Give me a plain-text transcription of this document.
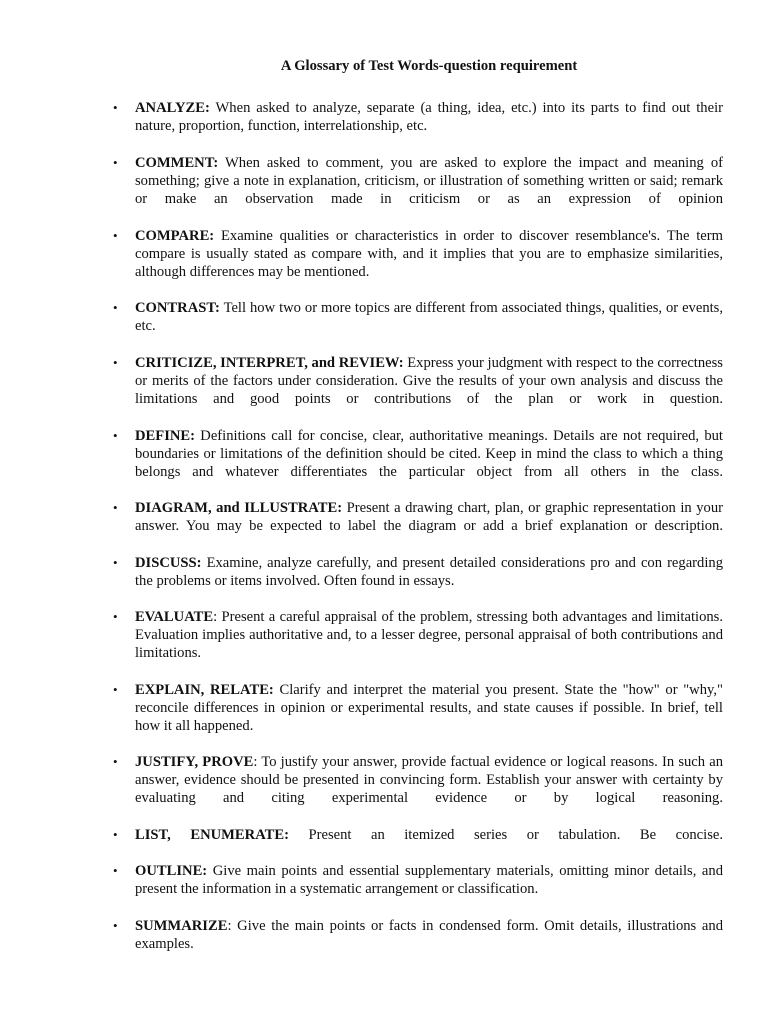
A Glossary of Test Words-question requirement
• ANALYZE: When asked to analyze, separate (a thing, idea, etc.) into its parts to find out their nature, proportion, function, interrelationship, etc.
• COMMENT: When asked to comment, you are asked to explore the impact and meaning of something; give a note in explanation, criticism, or illustration of something written or said; remark or make an observation made in criticism or as an expression of opinion
• COMPARE: Examine qualities or characteristics in order to discover resemblance's. The term compare is usually stated as compare with, and it implies that you are to emphasize similarities, although differences may be mentioned.
• CONTRAST: Tell how two or more topics are different from associated things, qualities, or events, etc.
• CRITICIZE, INTERPRET, and REVIEW: Express your judgment with respect to the correctness or merits of the factors under consideration. Give the results of your own analysis and discuss the limitations and good points or contributions of the plan or work in question.
• DEFINE: Definitions call for concise, clear, authoritative meanings. Details are not required, but boundaries or limitations of the definition should be cited. Keep in mind the class to which a thing belongs and whatever differentiates the particular object from all others in the class.
• DIAGRAM, and ILLUSTRATE: Present a drawing chart, plan, or graphic representation in your answer. You may be expected to label the diagram or add a brief explanation or description.
• DISCUSS: Examine, analyze carefully, and present detailed considerations pro and con regarding the problems or items involved. Often found in essays.
• EVALUATE: Present a careful appraisal of the problem, stressing both advantages and limitations. Evaluation implies authoritative and, to a lesser degree, personal appraisal of both contributions and limitations.
• EXPLAIN, RELATE: Clarify and interpret the material you present. State the "how" or "why," reconcile differences in opinion or experimental results, and state causes if possible. In brief, tell how it all happened.
• JUSTIFY, PROVE: To justify your answer, provide factual evidence or logical reasons. In such an answer, evidence should be presented in convincing form. Establish your answer with certainty by evaluating and citing experimental evidence or by logical reasoning.
• LIST, ENUMERATE: Present an itemized series or tabulation. Be concise.
• OUTLINE: Give main points and essential supplementary materials, omitting minor details, and present the information in a systematic arrangement or classification.
• SUMMARIZE: Give the main points or facts in condensed form. Omit details, illustrations and examples.
